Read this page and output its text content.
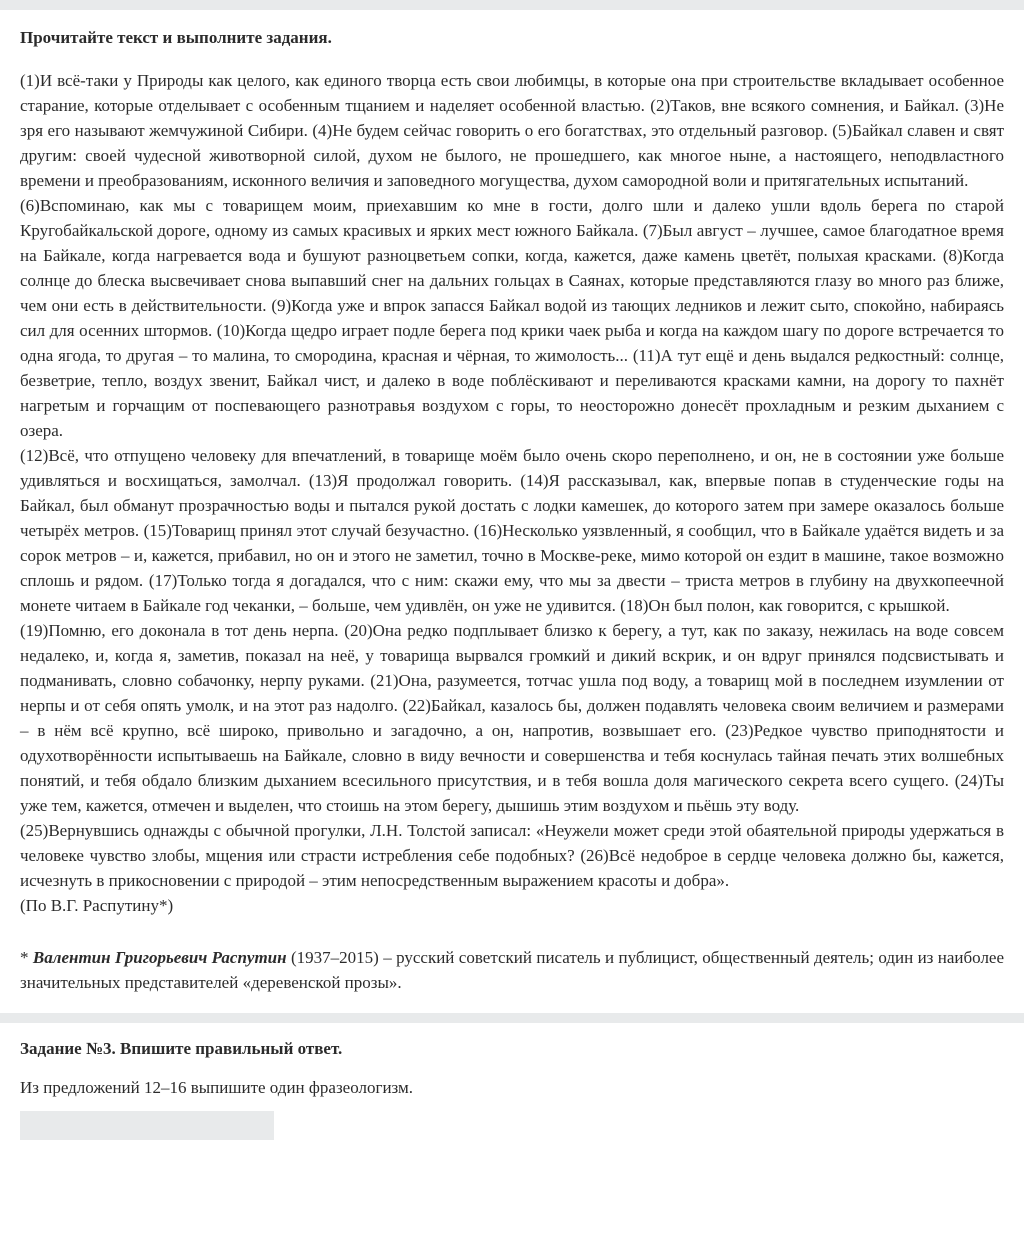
Прочитайте текст и выполните задания.

(1)И всё-таки у Природы как целого, как единого творца есть свои любимцы, в которые она при строительстве вкладывает особенное старание, которые отделывает с особенным тщанием и наделяет особенной властью. (2)Таков, вне всякого сомнения, и Байкал. (3)Не зря его называют жемчужиной Сибири. (4)Не будем сейчас говорить о его богатствах, это отдельный разговор. (5)Байкал славен и свят другим: своей чудесной животворной силой, духом не былого, не прошедшего, как многое ныне, а настоящего, неподвластного времени и преобразованиям, исконного величия и заповедного могущества, духом самородной воли и притягательных испытаний.

(6)Вспоминаю, как мы с товарищем моим, приехавшим ко мне в гости, долго шли и далеко ушли вдоль берега по старой Кругобайкальской дороге, одному из самых красивых и ярких мест южного Байкала. (7)Был август – лучшее, самое благодатное время на Байкале, когда нагревается вода и бушуют разноцветьем сопки, когда, кажется, даже камень цветёт, полыхая красками. (8)Когда солнце до блеска высвечивает снова выпавший снег на дальних гольцах в Саянах, которые представляются глазу во много раз ближе, чем они есть в действительности. (9)Когда уже и впрок запасся Байкал водой из тающих ледников и лежит сыто, спокойно, набираясь сил для осенних штормов. (10)Когда щедро играет подле берега под крики чаек рыба и когда на каждом шагу по дороге встречается то одна ягода, то другая – то малина, то смородина, красная и чёрная, то жимолость... (11)А тут ещё и день выдался редкостный: солнце, безветрие, тепло, воздух звенит, Байкал чист, и далеко в воде поблёскивают и переливаются красками камни, на дорогу то пахнёт нагретым и горчащим от поспевающего разнотравья воздухом с горы, то неосторожно донесёт прохладным и резким дыханием с озера.

(12)Всё, что отпущено человеку для впечатлений, в товарище моём было очень скоро переполнено, и он, не в состоянии уже больше удивляться и восхищаться, замолчал. (13)Я продолжал говорить. (14)Я рассказывал, как, впервые попав в студенческие годы на Байкал, был обманут прозрачностью воды и пытался рукой достать с лодки камешек, до которого затем при замере оказалось больше четырёх метров. (15)Товарищ принял этот случай безучастно. (16)Несколько уязвленный, я сообщил, что в Байкале удаётся видеть и за сорок метров – и, кажется, прибавил, но он и этого не заметил, точно в Москве-реке, мимо которой он ездит в машине, такое возможно сплошь и рядом. (17)Только тогда я догадался, что с ним: скажи ему, что мы за двести – триста метров в глубину на двухкопеечной монете читаем в Байкале год чеканки, – больше, чем удивлён, он уже не удивится. (18)Он был полон, как говорится, с крышкой.

(19)Помню, его доконала в тот день нерпа. (20)Она редко подплывает близко к берегу, а тут, как по заказу, нежилась на воде совсем недалеко, и, когда я, заметив, показал на неё, у товарища вырвался громкий и дикий вскрик, и он вдруг принялся подсвистывать и подманивать, словно собачонку, нерпу руками. (21)Она, разумеется, тотчас ушла под воду, а товарищ мой в последнем изумлении от нерпы и от себя опять умолк, и на этот раз надолго. (22)Байкал, казалось бы, должен подавлять человека своим величием и размерами – в нём всё крупно, всё широко, привольно и загадочно, а он, напротив, возвышает его. (23)Редкое чувство приподнятости и одухотворённости испытываешь на Байкале, словно в виду вечности и совершенства и тебя коснулась тайная печать этих волшебных понятий, и тебя обдало близким дыханием всесильного присутствия, и в тебя вошла доля магического секрета всего сущего. (24)Ты уже тем, кажется, отмечен и выделен, что стоишь на этом берегу, дышишь этим воздухом и пьёшь эту воду.

(25)Вернувшись однажды с обычной прогулки, Л.Н. Толстой записал: «Неужели может среди этой обаятельной природы удержаться в человеке чувство злобы, мщения или страсти истребления себе подобных? (26)Всё недоброе в сердце человека должно бы, кажется, исчезнуть в прикосновении с природой – этим непосредственным выражением красоты и добра».

(По В.Г. Распутину*)

* Валентин Григорьевич Распутин (1937–2015) – русский советский писатель и публицист, общественный деятель; один из наиболее значительных представителей «деревенской прозы».
Задание №3. Впишите правильный ответ.
Из предложений 12–16 выпишите один фразеологизм.
